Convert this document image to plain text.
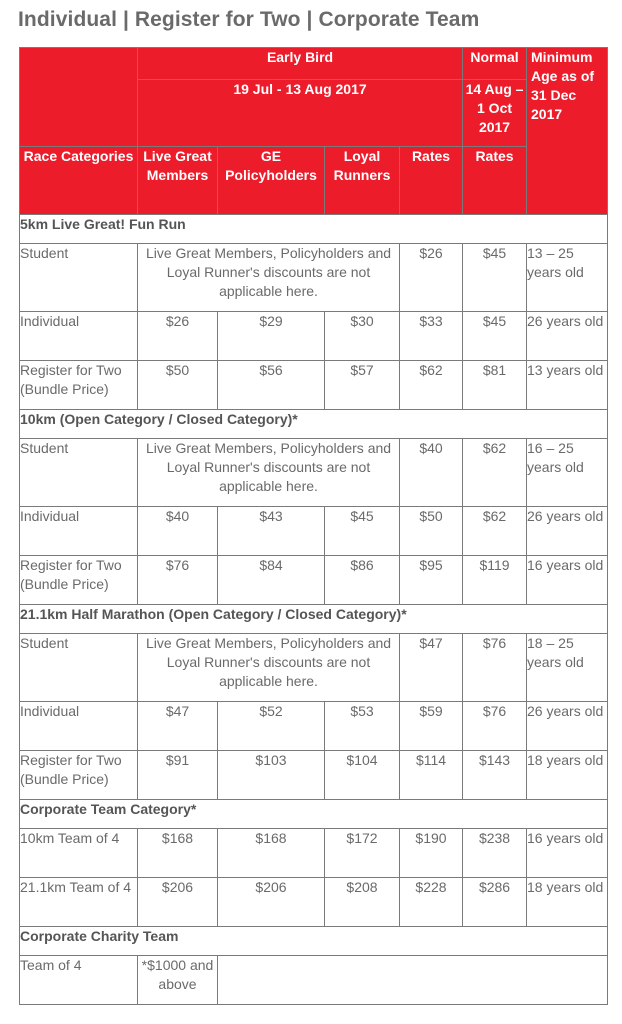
Individual | Register for Two | Corporate Team
	Early Bird				Normal	Minimum Age as of 31 Dec 2017
	19 Jul - 13 Aug 2017				14 Aug – 1 Oct 2017	

Race Categories	Live Great Members	GE Policyholders	Loyal Runners	Rates	Rates	
5km Live Great! Fun Run						
Student	Live Great Members, Policyholders and Loyal Runner's discounts are not applicable here.			$26	$45	13 – 25 years old
Individual	$26	$29	$30	$33	$45	26 years old
Register for Two (Bundle Price)	$50	$56	$57	$62	$81	13 years old
10km (Open Category / Closed Category)*						
Student	Live Great Members, Policyholders and Loyal Runner's discounts are not applicable here.			$40	$62	16 – 25 years old
Individual	$40	$43	$45	$50	$62	26 years old
Register for Two (Bundle Price)	$76	$84	$86	$95	$119	16 years old
21.1km Half Marathon (Open Category / Closed Category)*						
Student	Live Great Members, Policyholders and Loyal Runner's discounts are not applicable here.			$47	$76	18 – 25 years old
Individual	$47	$52	$53	$59	$76	26 years old
Register for Two (Bundle Price)	$91	$103	$104	$114	$143	18 years old
Corporate Team Category*						
10km Team of 4	$168	$168	$172	$190	$238	16 years old
21.1km Team of 4	$206	$206	$208	$228	$286	18 years old
Corporate Charity Team						
Team of 4	*$1000 and above					
